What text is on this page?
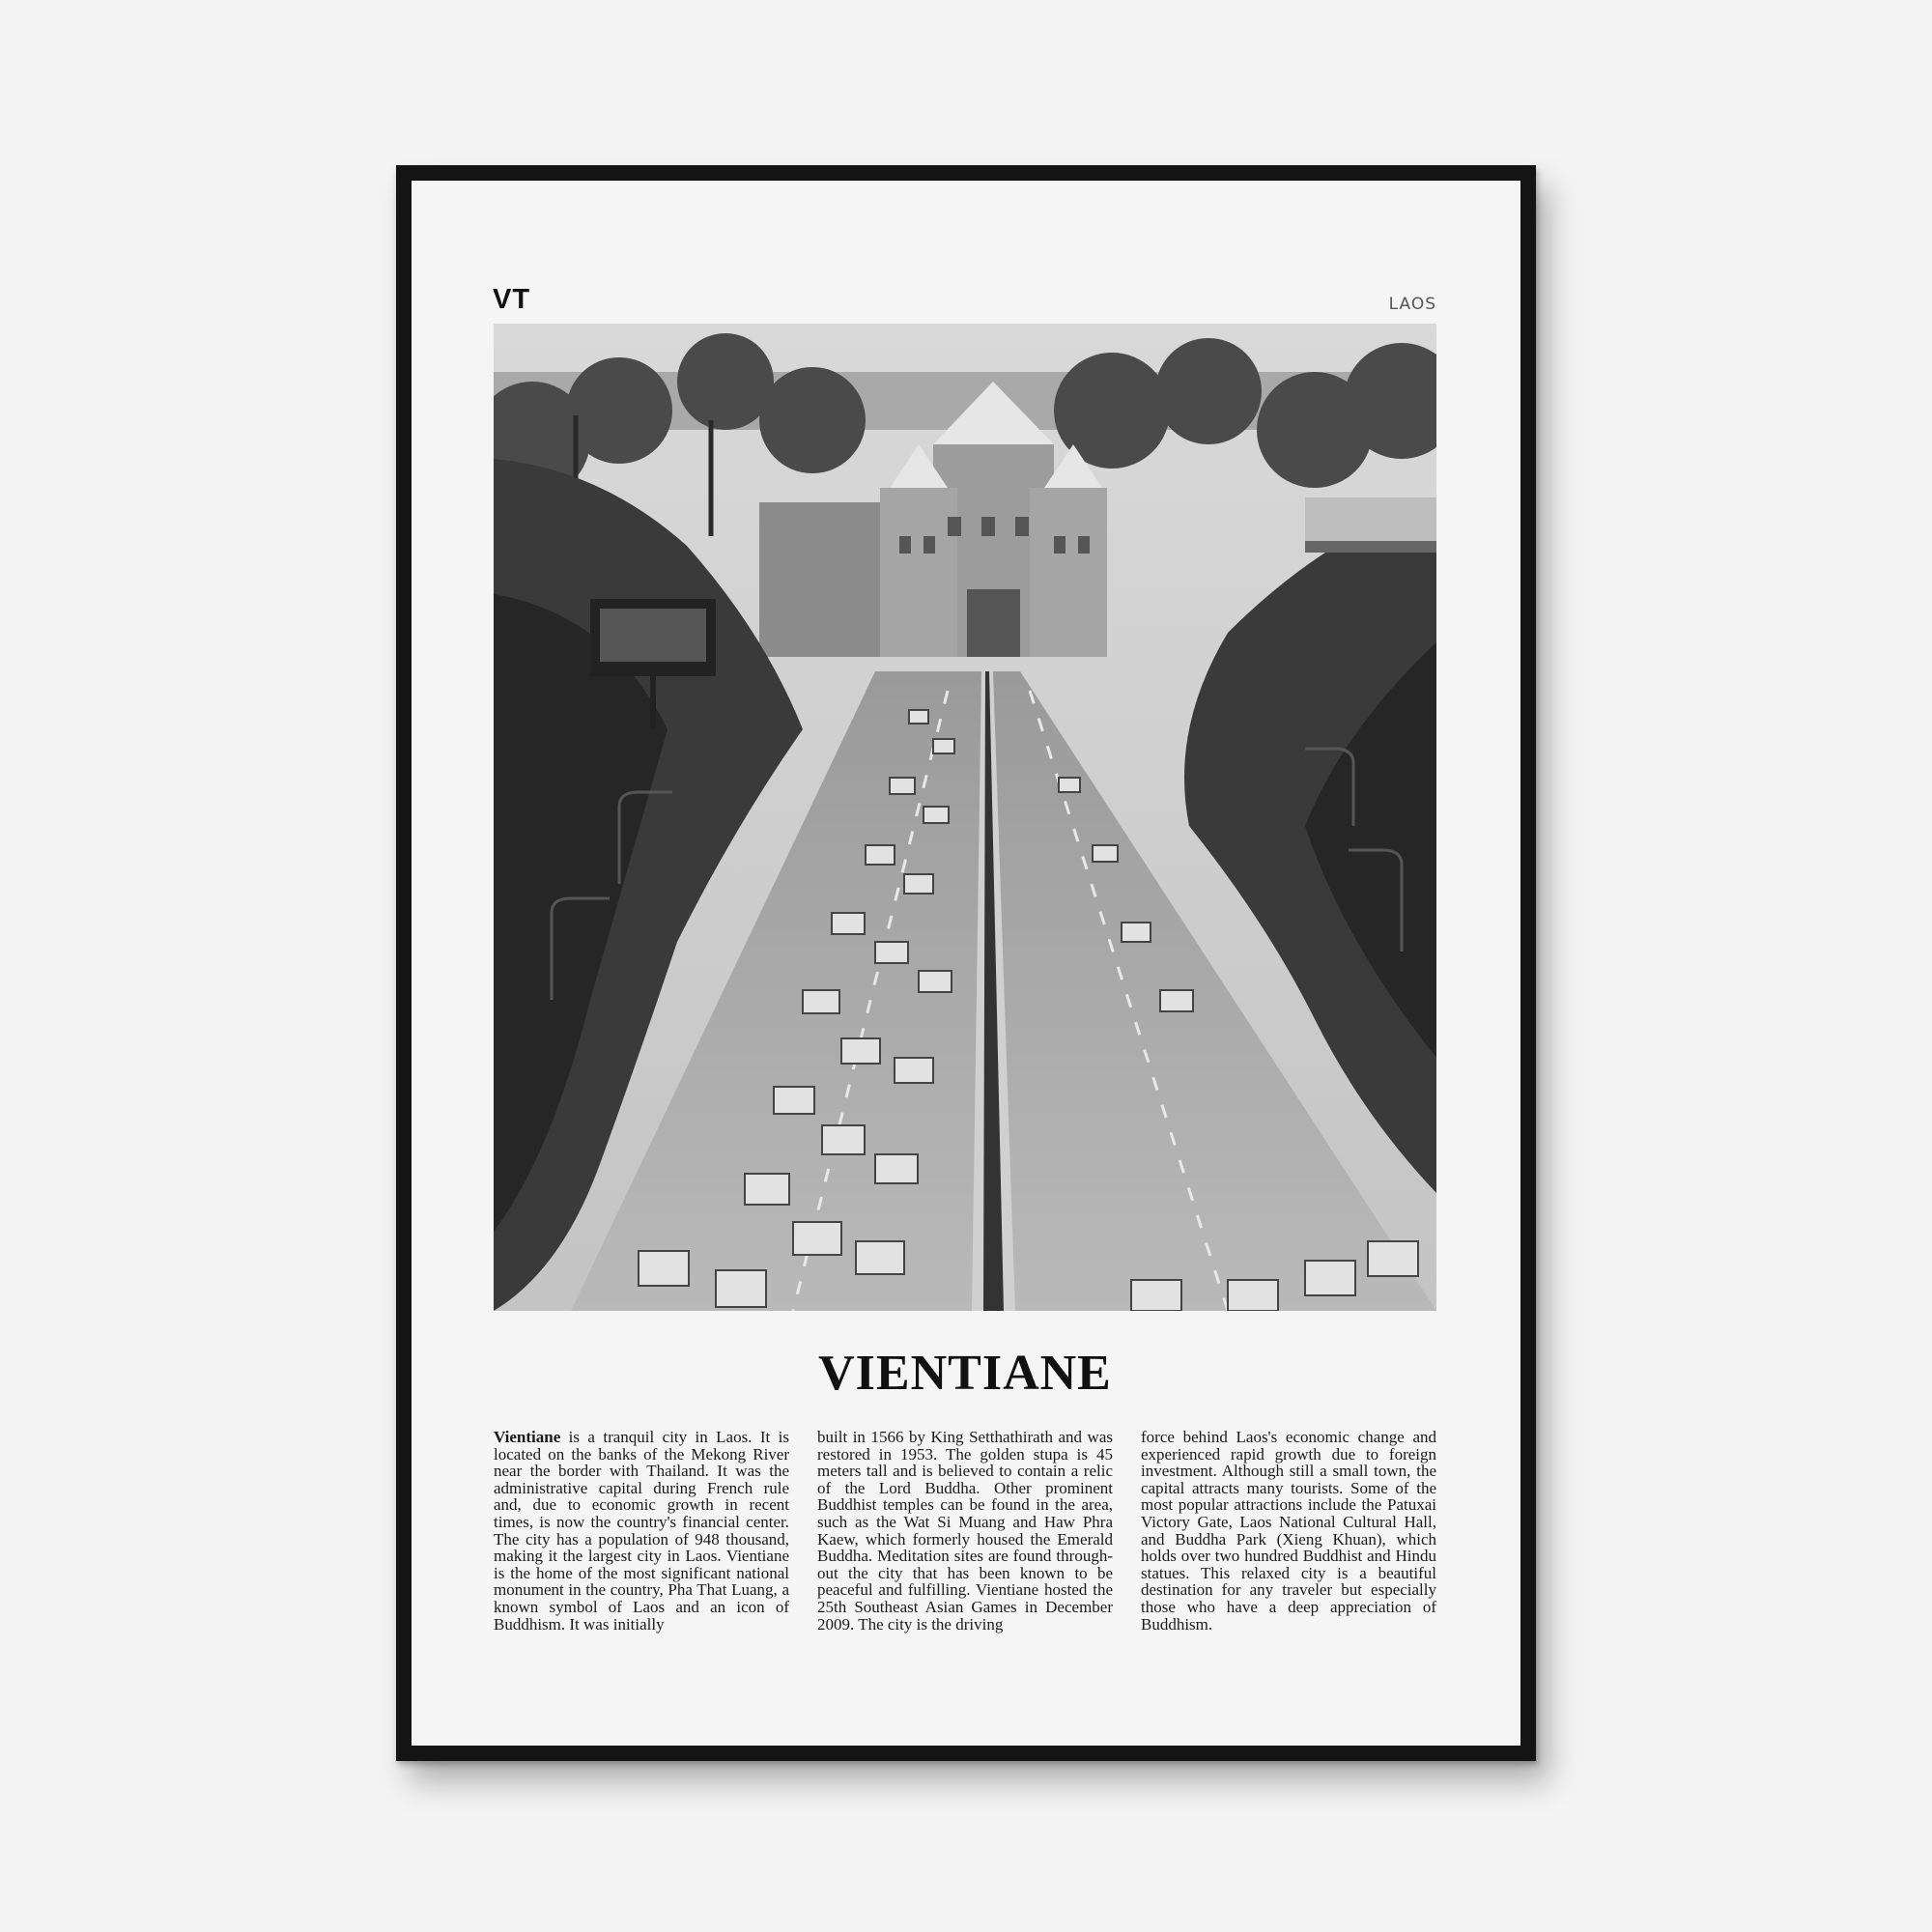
VT	LAOS
VIENTIANE
Vientiane is a tranquil city in Laos. It is located on the banks of the Mekong River near the border with Thailand. It was the administrative capital during French rule and, due to economic growth in recent times, is now the country's financial center. The city has a population of 948 thousand, making it the largest city in Laos. Vientiane is the home of the most significant national monument in the country, Pha That Luang, a known symbol of Laos and an icon of Buddhism. It was initially
built in 1566 by King Setthathirath and was restored in 1953. The golden stupa is 45 meters tall and is believed to contain a relic of the Lord Buddha. Other prominent Buddhist temples can be found in the area, such as the Wat Si Muang and Haw Phra Kaew, which formerly housed the Emerald Buddha. Meditation sites are found throughout the city that has been known to be peaceful and fulfilling. Vientiane hosted the 25th Southeast Asian Games in December 2009. The city is the driving
force behind Laos's economic change and experienced rapid growth due to foreign investment. Although still a small town, the capital attracts many tourists. Some of the most popular attractions include the Patuxai Victory Gate, Laos National Cultural Hall, and Buddha Park (Xieng Khuan), which holds over two hundred Buddhist and Hindu statues. This relaxed city is a beautiful destination for any traveler but especially those who have a deep appreciation of Buddhism.
